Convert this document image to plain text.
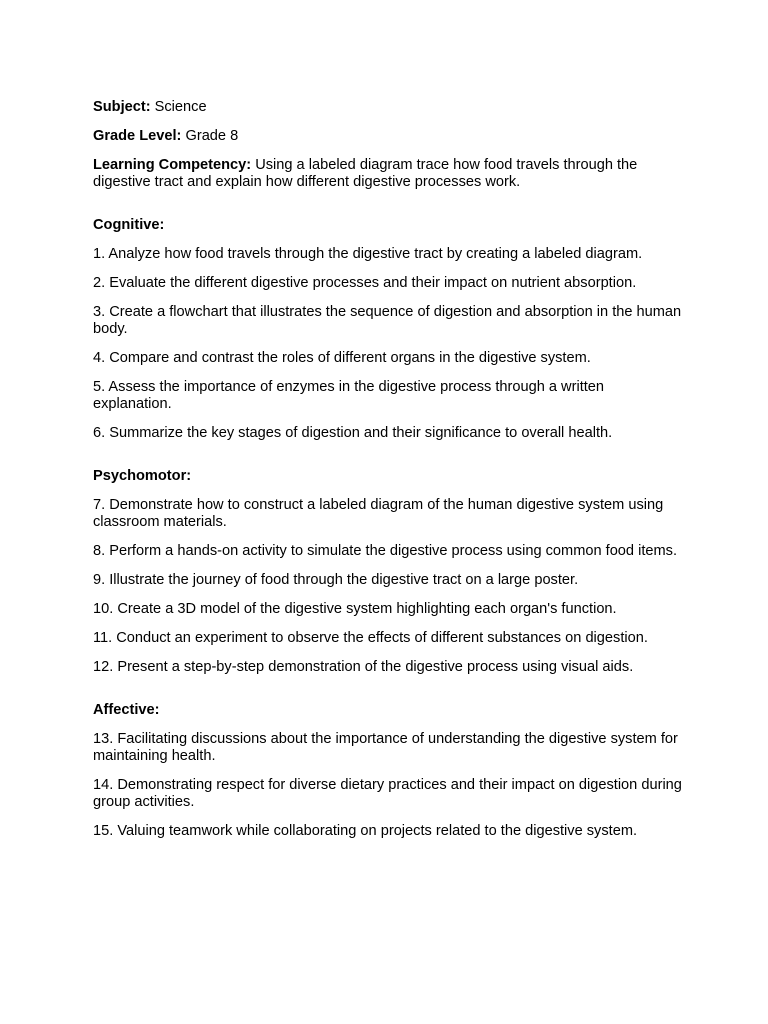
Subject: Science

Grade Level: Grade 8

Learning Competency: Using a labeled diagram trace how food travels through the digestive tract and explain how different digestive processes work.

Cognitive:

1. Analyze how food travels through the digestive tract by creating a labeled diagram.

2. Evaluate the different digestive processes and their impact on nutrient absorption.

3. Create a flowchart that illustrates the sequence of digestion and absorption in the human body.

4. Compare and contrast the roles of different organs in the digestive system.

5. Assess the importance of enzymes in the digestive process through a written explanation.

6. Summarize the key stages of digestion and their significance to overall health.

Psychomotor:

7. Demonstrate how to construct a labeled diagram of the human digestive system using classroom materials.

8. Perform a hands-on activity to simulate the digestive process using common food items.

9. Illustrate the journey of food through the digestive tract on a large poster.

10. Create a 3D model of the digestive system highlighting each organ's function.

11. Conduct an experiment to observe the effects of different substances on digestion.

12. Present a step-by-step demonstration of the digestive process using visual aids.

Affective:

13. Facilitating discussions about the importance of understanding the digestive system for maintaining health.

14. Demonstrating respect for diverse dietary practices and their impact on digestion during group activities.

15. Valuing teamwork while collaborating on projects related to the digestive system.
